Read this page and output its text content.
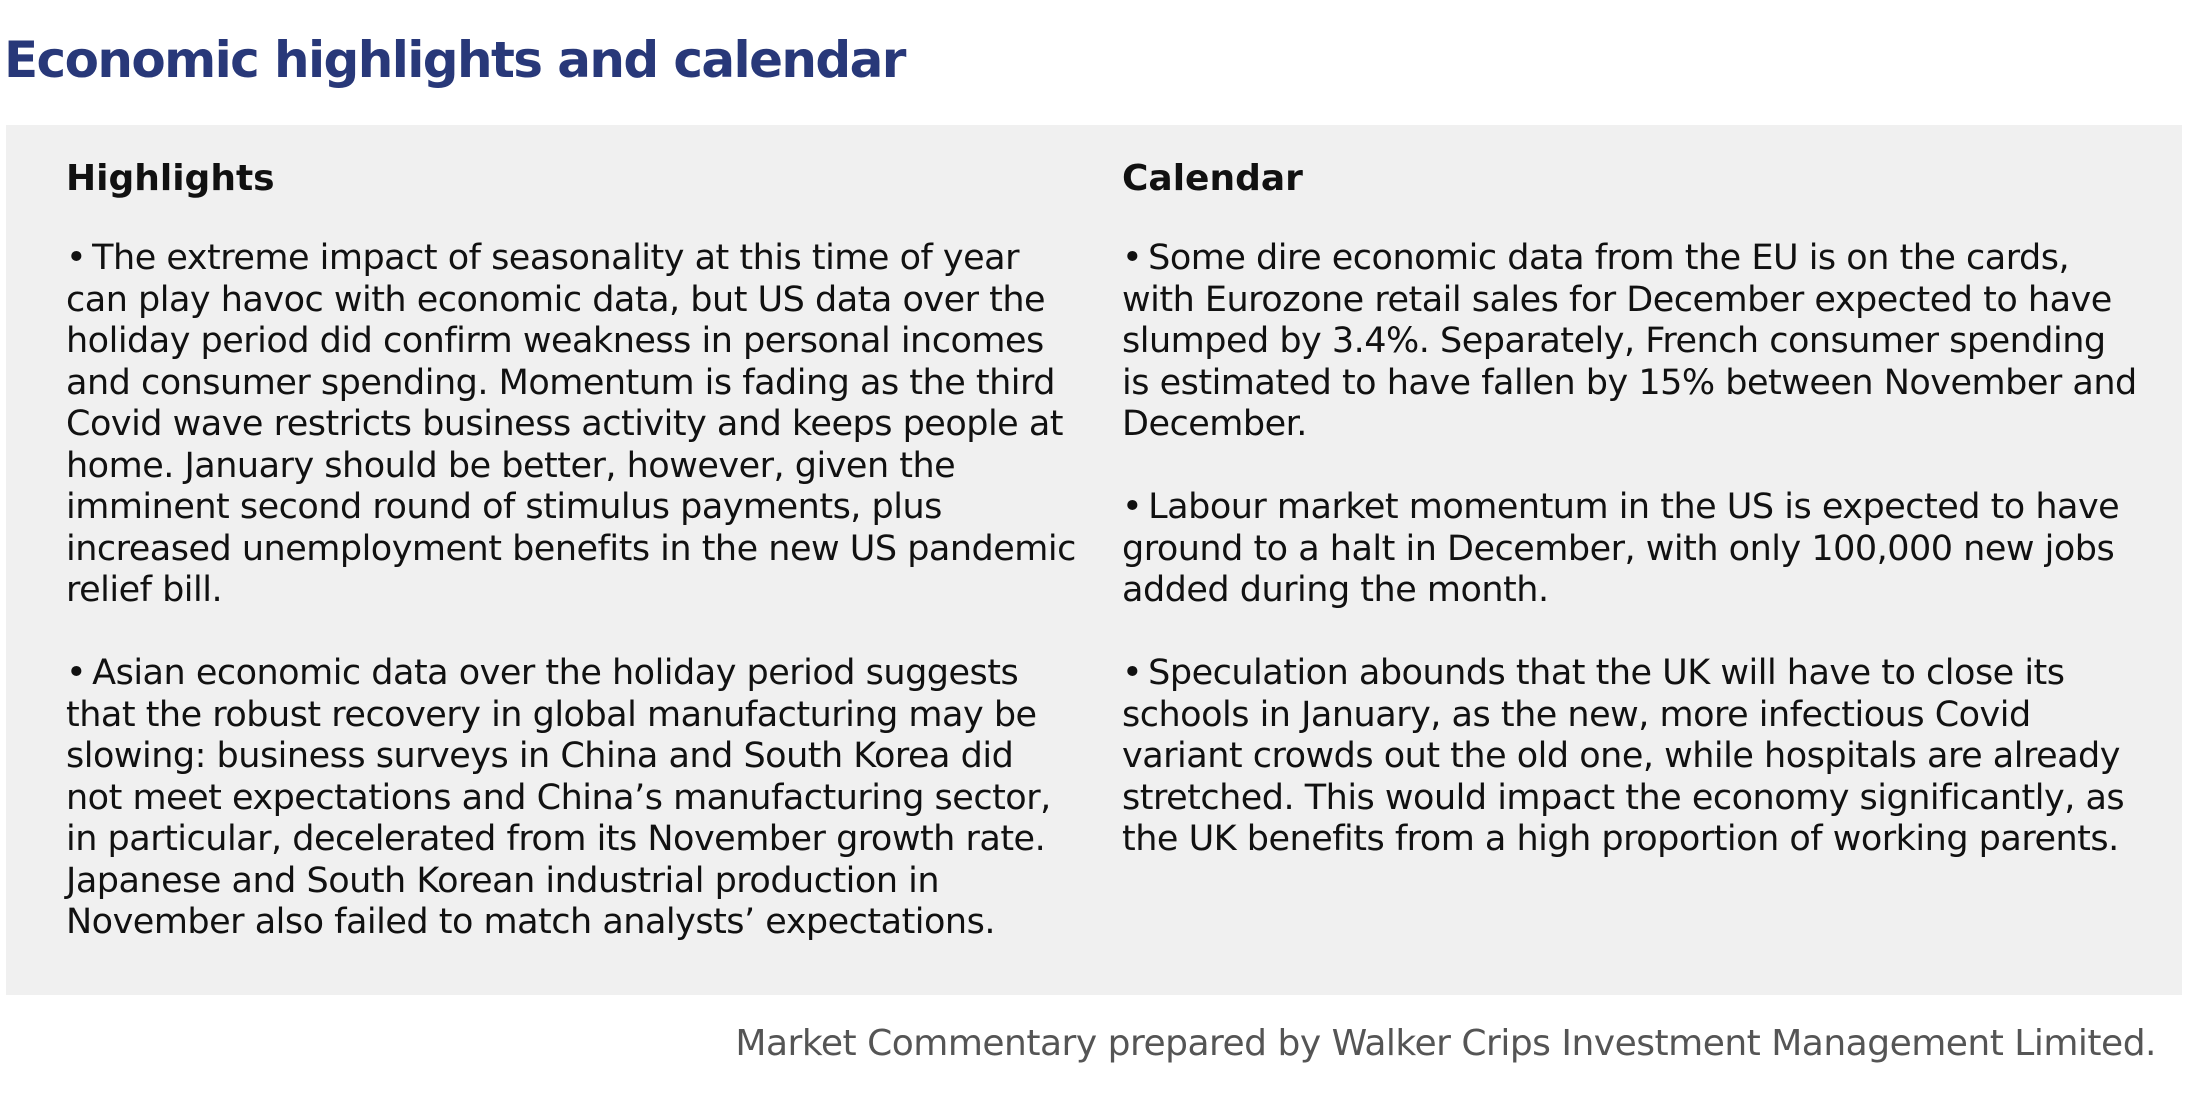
Economic highlights and calendar
Highlights

• The extreme impact of seasonality at this time of year can play havoc with economic data, but US data over the holiday period did confirm weakness in personal incomes and consumer spending. Momentum is fading as the third Covid wave restricts business activity and keeps people at home. January should be better, however, given the imminent second round of stimulus payments, plus increased unemployment benefits in the new US pandemic relief bill.

• Asian economic data over the holiday period suggests that the robust recovery in global manufacturing may be slowing: business surveys in China and South Korea did not meet expectations and China’s manufacturing sector, in particular, decelerated from its November growth rate. Japanese and South Korean industrial production in November also failed to match analysts’ expectations.

Calendar

• Some dire economic data from the EU is on the cards, with Eurozone retail sales for December expected to have slumped by 3.4%. Separately, French consumer spending is estimated to have fallen by 15% between November and December.

• Labour market momentum in the US is expected to have ground to a halt in December, with only 100,000 new jobs added during the month.

• Speculation abounds that the UK will have to close its schools in January, as the new, more infectious Covid variant crowds out the old one, while hospitals are already stretched. This would impact the economy significantly, as the UK benefits from a high proportion of working parents.

Market Commentary prepared by Walker Crips Investment Management Limited.
